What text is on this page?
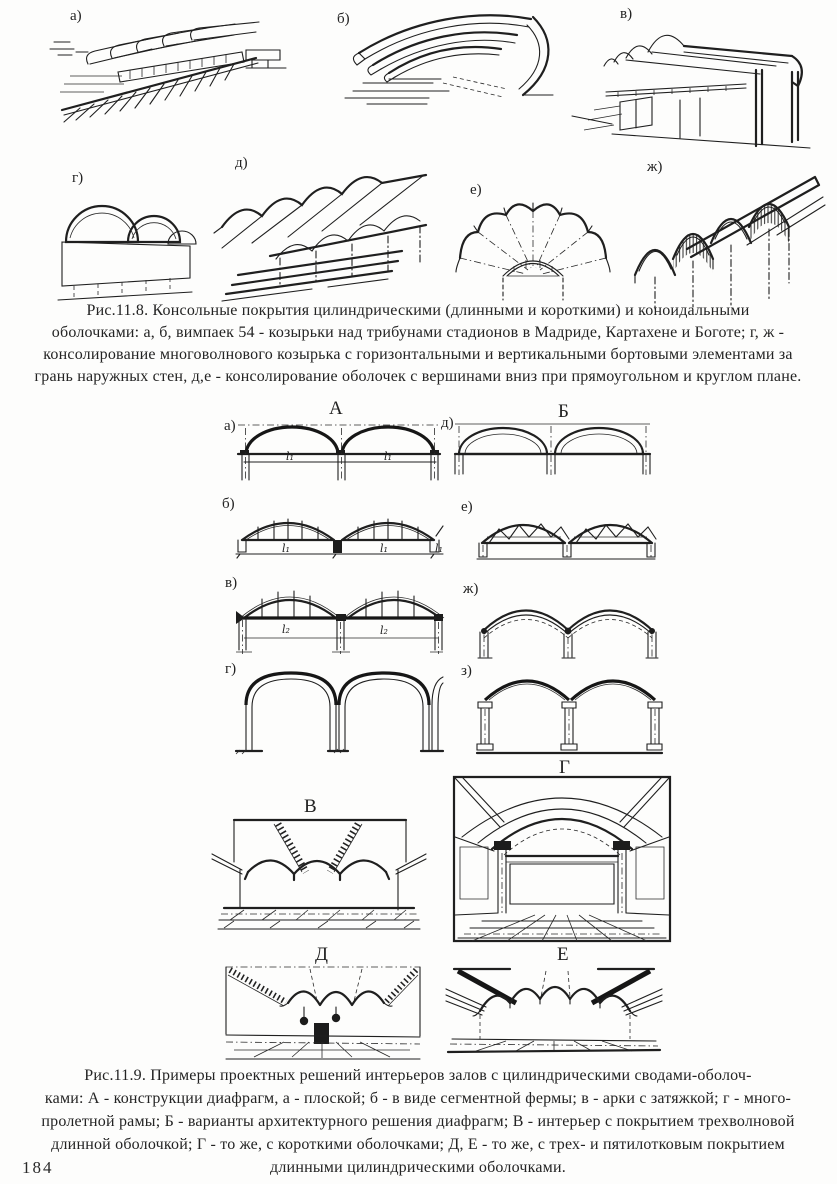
а)	б)	в)
г)
д)
е)
ж)
Рис.11.8. Консольные покрытия цилиндрическими (длинными и короткими) и коноидальными
оболочками: а, б, вимпаек 54 - козырьки над трибунами стадионов в Мадриде, Картахене и Боготе; г, ж -
консолирование многоволнового козырька с горизонтальными и вертикальными бортовыми элементами за
грань наружных стен, д,е - консолирование оболочек с вершинами вниз при прямоугольном и круглом плане.
А	Б
а)
l₁	l₁
д)
б)
l₁	l₁	l₁
е)
в)
l₂	l₂
ж)
г)	з)
В
Г
Д	Е
Рис.11.9. Примеры проектных решений интерьеров залов с цилиндрическими сводами-оболоч-
ками: А - конструкции диафрагм, а - плоской; б - в виде сегментной фермы; в - арки с затяжкой; г - много-
пролетной рамы; Б - варианты архитектурного решения диафрагм; В - интерьер с покрытием трехволновой
длинной оболочкой; Г - то же, с короткими оболочками; Д, Е - то же, с трех- и пятилотковым покрытием
длинными цилиндрическими оболочками.
184
